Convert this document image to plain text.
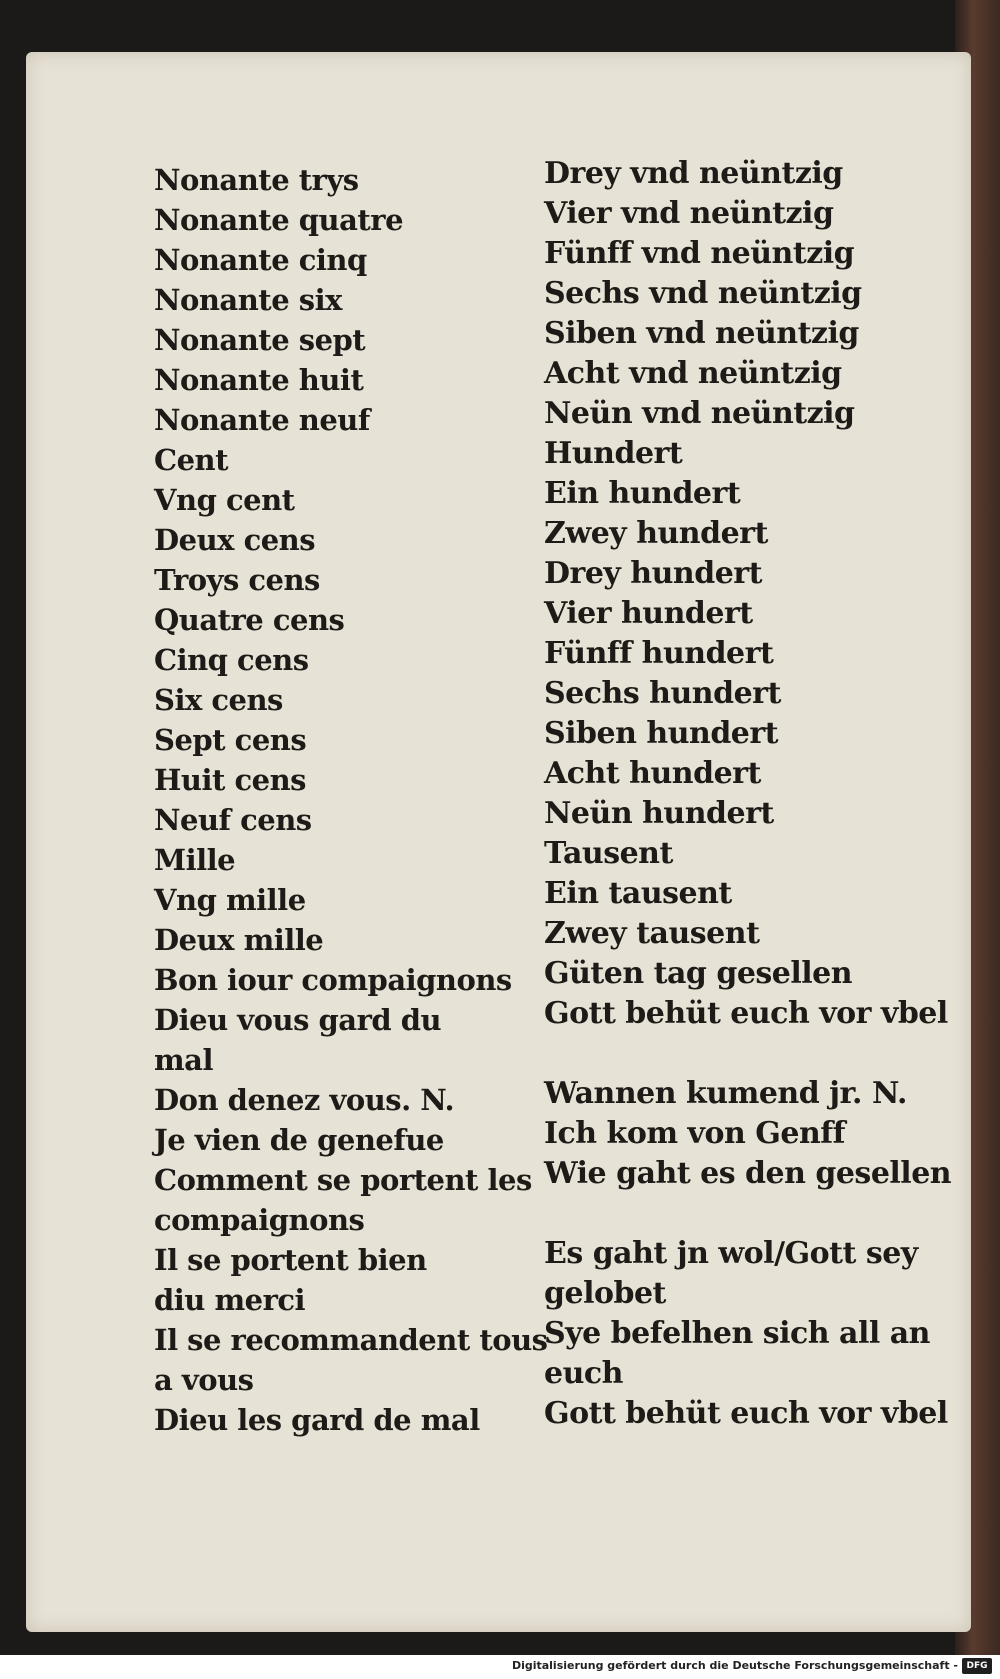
Nonante trys
Nonante quatre
Nonante cinq
Nonante six
Nonante sept
Nonante huit
Nonante neuf
Cent
Vng cent
Deux cens
Troys cens
Quatre cens
Cinq cens
Six cens
Sept cens
Huit cens
Neuf cens
Mille
Vng mille
Deux mille
Bon iour compaignons
Dieu vous gard du
mal
Don denez vous. N.
Je vien de genefue
Comment se portent les
compaignons
Il se portent bien
diu merci
Il se recommandent tous
a vous
Dieu les gard de mal
Drey vnd neüntzig
Vier vnd neüntzig
Fünff vnd neüntzig
Sechs vnd neüntzig
Siben vnd neüntzig
Acht vnd neüntzig
Neün vnd neüntzig
Hundert
Ein hundert
Zwey hundert
Drey hundert
Vier hundert
Fünff hundert
Sechs hundert
Siben hundert
Acht hundert
Neün hundert
Tausent
Ein tausent
Zwey tausent
Güten tag gesellen
Gott behüt euch vor vbel
Wannen kumend jr. N.
Ich kom von Genff
Wie gaht es den gesellen
Es gaht jn wol/Gott sey
gelobet
Sye befelhen sich all an
euch
Gott behüt euch vor vbel
Digitalisierung gefördert durch die Deutsche Forschungsgemeinschaft - DFG
